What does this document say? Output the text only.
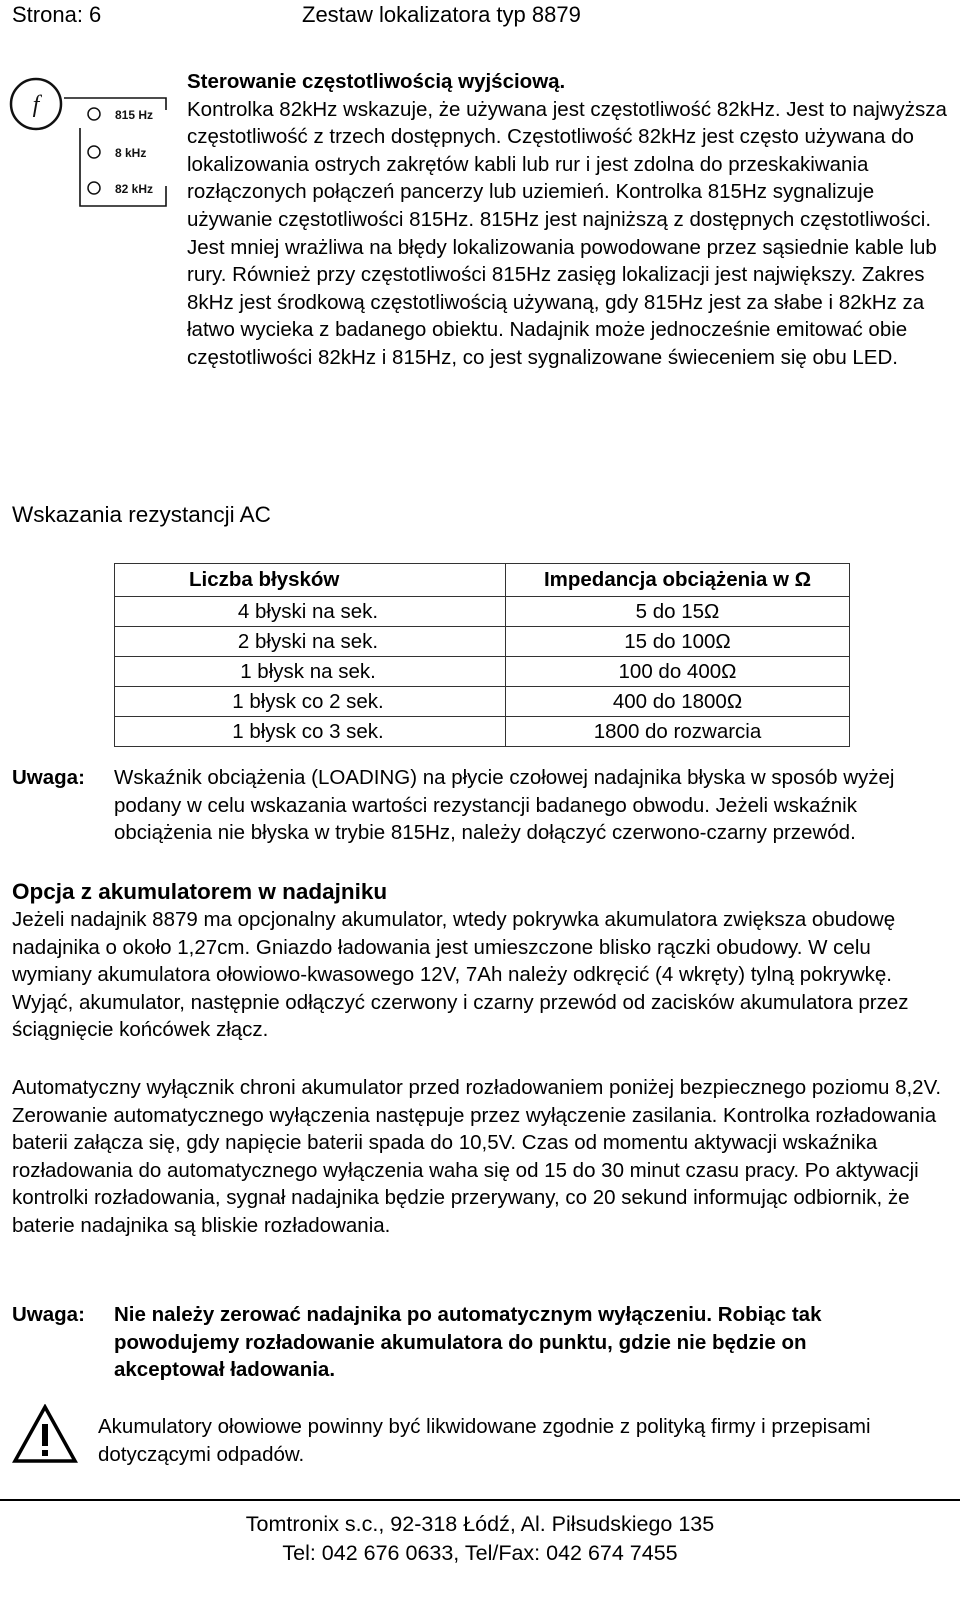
Strona: 6	Zestaw lokalizatora typ 8879
f	815 Hz
8 kHz
82 kHz

Sterowanie częstotliwością wyjściową.
Kontrolka 82kHz wskazuje, że używana jest częstotliwość 82kHz. Jest to najwyższa częstotliwość z trzech dostępnych. Częstotliwość 82kHz jest często używana do lokalizowania ostrych zakrętów kabli lub rur i jest zdolna do przeskakiwania rozłączonych połączeń pancerzy lub uziemień. Kontrolka 815Hz sygnalizuje używanie częstotliwości 815Hz. 815Hz jest najniższą z dostępnych częstotliwości. Jest mniej wrażliwa na błędy lokalizowania powodowane przez sąsiednie kable lub rury. Również przy częstotliwości 815Hz zasięg lokalizacji jest największy. Zakres 8kHz jest środkową częstotliwością używaną, gdy 815Hz jest za słabe i 82kHz za łatwo wycieka z badanego obiektu. Nadajnik może jednocześnie emitować obie częstotliwości 82kHz i 815Hz, co jest sygnalizowane świeceniem się obu LED.

Wskazania rezystancji AC
Liczba błysków	Impedancja obciążenia w Ω
4 błyski na sek.	5 do 15Ω
2 błyski na sek.	15 do 100Ω
1 błysk na sek.	100 do 400Ω
1 błysk co 2 sek.	400 do 1800Ω
1 błysk co 3 sek.	1800 do rozwarcia
Uwaga: Wskaźnik obciążenia (LOADING) na płycie czołowej nadajnika błyska w sposób wyżej podany w celu wskazania wartości rezystancji badanego obwodu. Jeżeli wskaźnik obciążenia nie błyska w trybie 815Hz, należy dołączyć czerwono-czarny przewód.

Opcja z akumulatorem w nadajniku

Jeżeli nadajnik 8879 ma opcjonalny akumulator, wtedy pokrywka akumulatora zwiększa obudowę nadajnika o około 1,27cm. Gniazdo ładowania jest umieszczone blisko rączki obudowy. W celu wymiany akumulatora ołowiowo-kwasowego 12V, 7Ah należy odkręcić (4 wkręty) tylną pokrywkę. Wyjąć, akumulator, następnie odłączyć czerwony i czarny przewód od zacisków akumulatora przez ściągnięcie końcówek złącz.

Automatyczny wyłącznik chroni akumulator przed rozładowaniem poniżej bezpiecznego poziomu 8,2V. Zerowanie automatycznego wyłączenia następuje przez wyłączenie zasilania. Kontrolka rozładowania baterii załącza się, gdy napięcie baterii spada do 10,5V. Czas od momentu aktywacji wskaźnika rozładowania do automatycznego wyłączenia waha się od 15 do 30 minut czasu pracy. Po aktywacji kontrolki rozładowania, sygnał nadajnika będzie przerywany, co 20 sekund informując odbiornik, że baterie nadajnika są bliskie rozładowania.

Uwaga: Nie należy zerować nadajnika po automatycznym wyłączeniu. Robiąc tak powodujemy rozładowanie akumulatora do punktu, gdzie nie będzie on akceptował ładowania.

Akumulatory ołowiowe powinny być likwidowane zgodnie z polityką firmy i przepisami dotyczącymi odpadów.

Tomtronix s.c., 92-318 Łódź, Al. Piłsudskiego 135
Tel: 042 676 0633, Tel/Fax: 042 674 7455
